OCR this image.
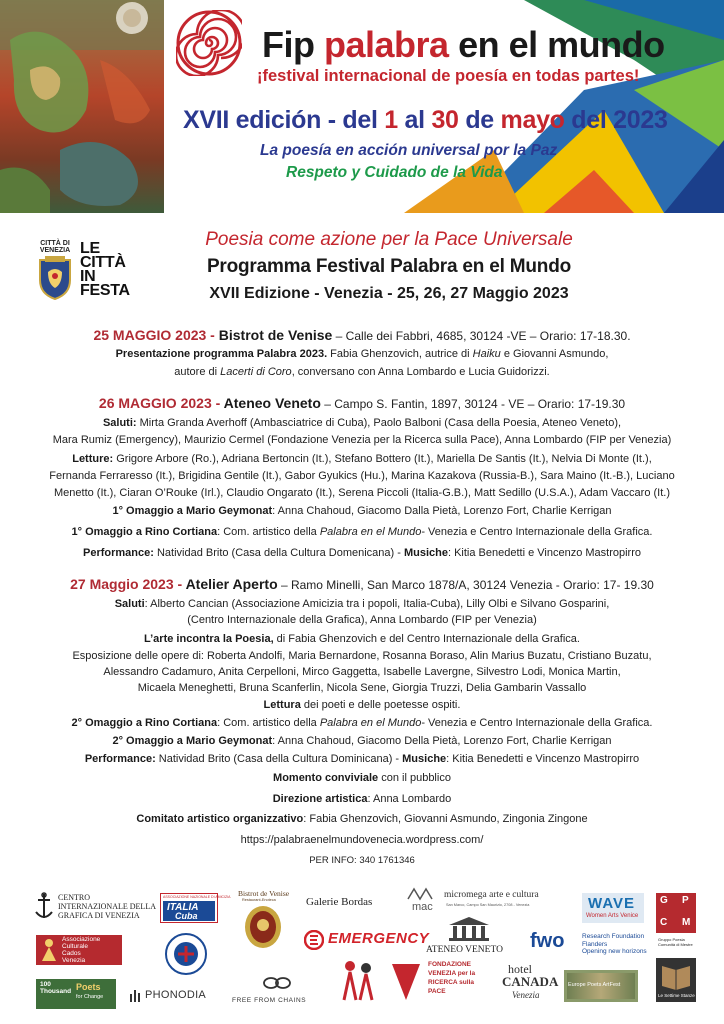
Fip palabra en el mundo
¡festival internacional de poesía en todas partes!
XVII edición - del 1 al 30 de mayo del 2023
La poesía en acción universal por la Paz
Respeto y Cuidado de la Vida
CITTÀ DI
VENEZIA LE
CITTÀ
IN
FESTA
Poesia come azione per la Pace Universale
Programma Festival Palabra en el Mundo
XVII Edizione - Venezia - 25, 26, 27 Maggio 2023
25 MAGGIO 2023 - Bistrot de Venise – Calle dei Fabbri, 4685, 30124 -VE – Orario: 17-18.30.
Presentazione programma Palabra 2023. Fabia Ghenzovich, autrice di Haiku e Giovanni Asmundo,
autore di Lacerti di Coro, conversano con Anna Lombardo e Lucia Guidorizzi.
26 MAGGIO 2023 - Ateneo Veneto – Campo S. Fantin, 1897, 30124 - VE – Orario: 17-19.30
Saluti: Mirta Granda Averhoff (Ambasciatrice di Cuba), Paolo Balboni (Casa della Poesia, Ateneo Veneto),
Mara Rumiz (Emergency), Maurizio Cermel (Fondazione Venezia per la Ricerca sulla Pace), Anna Lombardo (FIP per Venezia)
Letture: Grigore Arbore (Ro.), Adriana Bertoncin (It.), Stefano Bottero (It.), Mariella De Santis (It.), Nelvia Di Monte (It.),
Fernanda Ferraresso (It.), Brigidina Gentile (It.), Gabor Gyukics (Hu.), Marina Kazakova (Russia-B.), Sara Maino (It.-B.), Luciano
Menetto (It.), Ciaran O’Rouke (Irl.), Claudio Ongarato (It.), Serena Piccoli (Italia-G.B.), Matt Sedillo (U.S.A.), Adam Vaccaro (It.)
1° Omaggio a Mario Geymonat: Anna Chahoud, Giacomo Dalla Pietà, Lorenzo Fort, Charlie Kerrigan
1° Omaggio a Rino Cortiana: Com. artistico della Palabra en el Mundo- Venezia e Centro Internazionale della Grafica.
Performance: Natividad Brito (Casa della Cultura Domenicana) - Musiche: Kitia Benedetti e Vincenzo Mastropirro
27 Maggio 2023 - Atelier Aperto – Ramo Minelli, San Marco 1878/A, 30124 Venezia - Orario: 17- 19.30
Saluti: Alberto Cancian (Associazione Amicizia tra i popoli, Italia-Cuba), Lilly Olbi e Silvano Gosparini,
(Centro Internazionale della Grafica), Anna Lombardo (FIP per Venezia)
L’arte incontra la Poesia, di Fabia Ghenzovich e del Centro Internazionale della Grafica.
Esposizione delle opere di: Roberta Andolfi, Maria Bernardone, Rosanna Boraso, Alin Marius Buzatu, Cristiano Buzatu,
Alessandro Cadamuro, Anita Cerpelloni, Mirco Gaggetta, Isabelle Lavergne, Silvestro Lodi, Monica Martin,
Micaela Meneghetti, Bruna Scanferlin, Nicola Sene, Giorgia Truzzi, Delia Gambarin Vassallo
Lettura dei poeti e delle poetesse ospiti.
2° Omaggio a Rino Cortiana: Com. artistico della Palabra en el Mundo- Venezia e Centro Internazionale della Grafica.
2° Omaggio a Mario Geymonat: Anna Chahoud, Giacomo Della Pietà, Lorenzo Fort, Charlie Kerrigan
Performance: Natividad Brito (Casa della Cultura Dominicana) - Musiche: Kitia Benedetti e Vincenzo Mastropirro
Momento conviviale con il pubblico
Direzione artistica: Anna Lombardo
Comitato artistico organizzativo: Fabia Ghenzovich, Giovanni Asmundo, Zingonia Zingone
https://palabraenelmundovenecia.wordpress.com/
PER INFO: 340 1761346
CENTRO
INTERNAZIONALE DELLA
GRAFICA DI VENEZIA
ASSOCIAZIONE NAZIONALE DI AMICIZIA
ITALIA
Cuba
Bistrot de Venise
Restaurant-Enoteca	Galerie Bordas	mac
micromega arte e cultura
San Marco, Campo San Maurizio, 2708 - Venezia	WAVE
Women Arts Venice
G P
C M
Gruppo Poesia Comunità di Mestre
Associazione
Culturale
Cados
Venezia
EMERGENCY
ATENEO VENETO fwo	Research Foundation
Flanders
Opening new horizons
100
Thousand Poets
for Change	PHONODIA	FREE FROM CHAINS
FONDAZIONE
VENEZIA per la
RICERCA sulla
PACE
hotel
CANADA
Venezia
Europe Poets ArtFest
Le Settime Stanze
